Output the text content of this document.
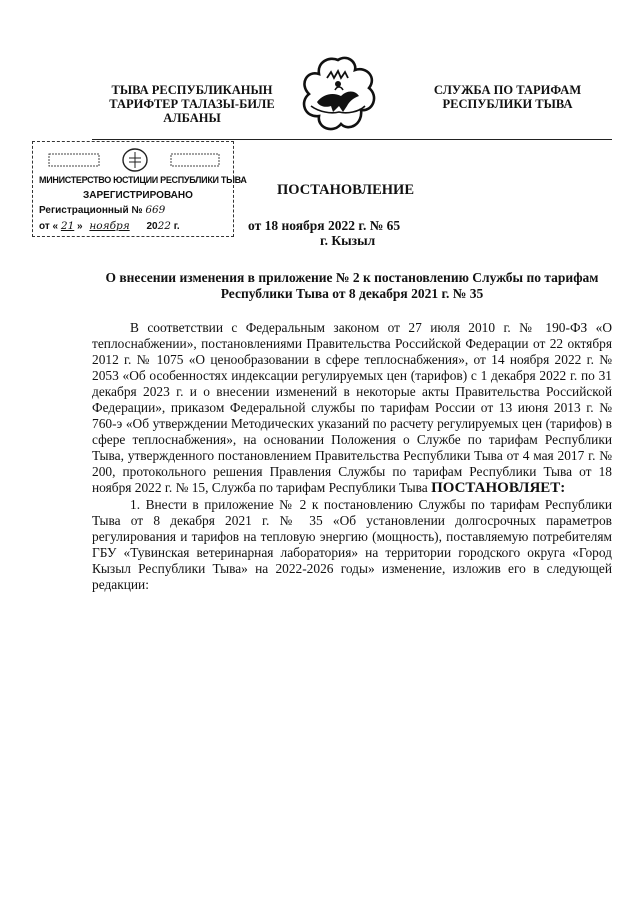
ТЫВА РЕСПУБЛИКАНЫН
ТАРИФТЕР ТАЛАЗЫ-БИЛЕ
АЛБАНЫ
СЛУЖБА ПО ТАРИФАМ
РЕСПУБЛИКИ ТЫВА
МИНИСТЕРСТВО ЮСТИЦИИ РЕСПУБЛИКИ ТЫВА
ЗАРЕГИСТРИРОВАНО
Регистрационный № 669
от « 21 » ноября 2022 г.
ПОСТАНОВЛЕНИЕ
от 18 ноября 2022 г. № 65
г. Кызыл
О внесении изменения в приложение № 2 к постановлению Службы по тарифам Республики Тыва от 8 декабря 2021 г. № 35

В соответствии с Федеральным законом от 27 июля 2010 г. № 190-ФЗ «О теплоснабжении», постановлениями Правительства Российской Федерации от 22 октября 2012 г. № 1075 «О ценообразовании в сфере теплоснабжения», от 14 ноября 2022 г. № 2053 «Об особенностях индексации регулируемых цен (тарифов) с 1 декабря 2022 г. по 31 декабря 2023 г. и о внесении изменений в некоторые акты Правительства Российской Федерации», приказом Федеральной службы по тарифам России от 13 июня 2013 г. № 760-э «Об утверждении Методических указаний по расчету регулируемых цен (тарифов) в сфере теплоснабжения», на основании Положения о Службе по тарифам Республики Тыва, утвержденного постановлением Правительства Республики Тыва от 4 мая 2017 г. № 200, протокольного решения Правления Службы по тарифам Республики Тыва от 18 ноября 2022 г. № 15, Служба по тарифам Республики Тыва ПОСТАНОВЛЯЕТ:

1. Внести в приложение № 2 к постановлению Службы по тарифам Республики Тыва от 8 декабря 2021 г. № 35 «Об установлении долгосрочных параметров регулирования и тарифов на тепловую энергию (мощность), поставляемую потребителям ГБУ «Тувинская ветеринарная лаборатория» на территории городского округа «Город Кызыл Республики Тыва» на 2022-2026 годы» изменение, изложив его в следующей редакции:
